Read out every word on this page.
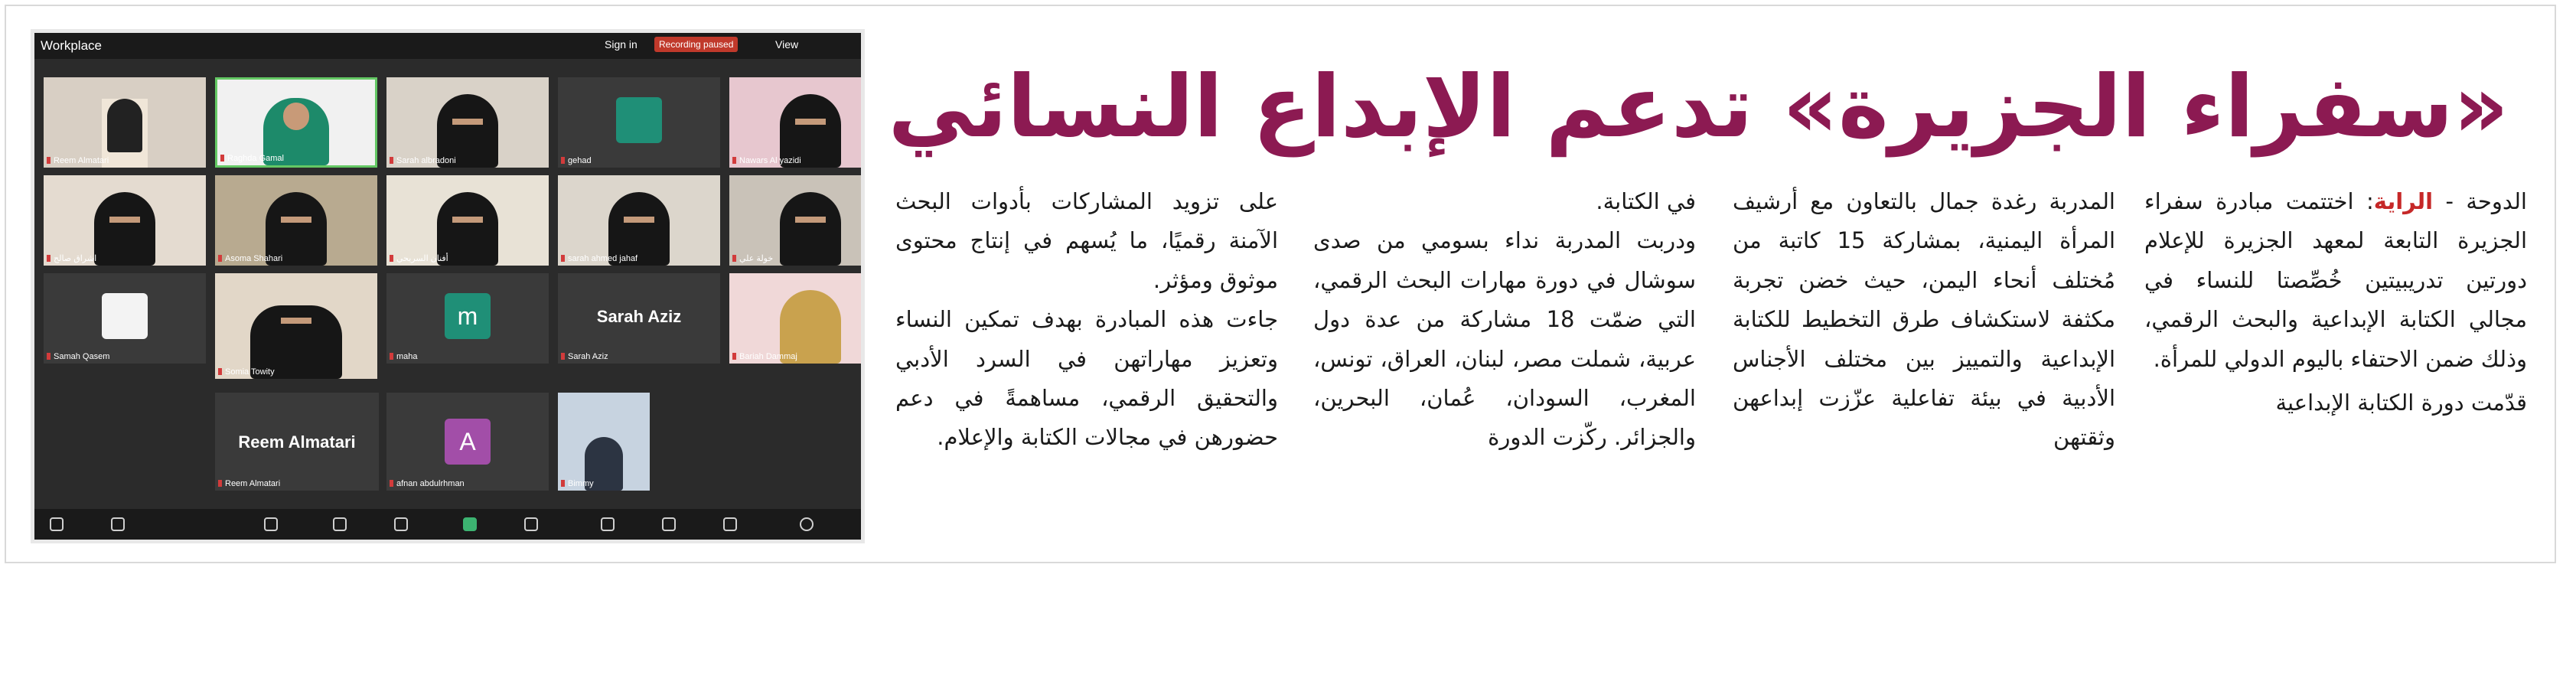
Workplace	Sign in	Recording paused	View
Reem Almatari	Raghda Gamal	Sarah albradoni	gehad	Nawars Al yazidi
اشراق صالح	Asoma Shahari	أفنان السريحي	sarah ahmed jahaf	خولة علي
Samah Qasem
Somia Towity
m
maha
Sarah Aziz
Sarah Aziz	Bariah Dammaj
Reem Almatari
Reem Almatari
A
afnan abdulrhman	Bimmy
«سفراء الجزيرة» تدعم الإبداع النسائي

الدوحة - الراية: اختتمت مبادرة سفراء الجزيرة التابعة لمعهد الجزيرة للإعلام دورتين تدريبيتين خُصِّصتا للنساء في مجالي الكتابة الإبداعية والبحث الرقمي، وذلك ضمن الاحتفاء باليوم الدولي للمرأة.

قدّمت دورة الكتابة الإبداعية

المدربة رغدة جمال بالتعاون مع أرشيف المرأة اليمنية، بمشاركة 15 كاتبة من مُختلف أنحاء اليمن، حيث خضن تجربة مكثفة لاستكشاف طرق التخطيط للكتابة الإبداعية والتمييز بين مختلف الأجناس الأدبية في بيئة تفاعلية عزّزت إبداعهن وثقتهن

في الكتابة.

ودربت المدربة نداء بسومي من صدى سوشال في دورة مهارات البحث الرقمي، التي ضمّت 18 مشاركة من عدة دول عربية، شملت مصر، لبنان، العراق، تونس، المغرب، السودان، عُمان، البحرين، والجزائر. ركّزت الدورة

على تزويد المشاركات بأدوات البحث الآمنة رقميًا، ما يُسهم في إنتاج محتوى موثوق ومؤثر.

جاءت هذه المبادرة بهدف تمكين النساء وتعزيز مهاراتهن في السرد الأدبي والتحقيق الرقمي، مساهمةً في دعم حضورهن في مجالات الكتابة والإعلام.
